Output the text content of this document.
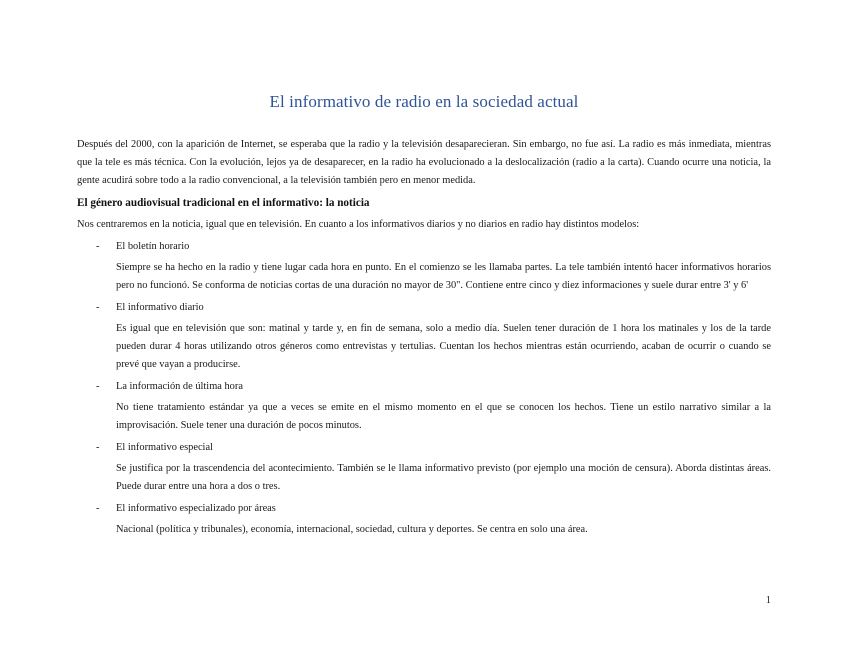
El informativo de radio en la sociedad actual

Después del 2000, con la aparición de Internet, se esperaba que la radio y la televisión desaparecieran. Sin embargo, no fue así. La radio es más inmediata, mientras que la tele es más técnica. Con la evolución, lejos ya de desaparecer, en la radio ha evolucionado a la deslocalización (radio a la carta). Cuando ocurre una noticia, la gente acudirá sobre todo a la radio convencional, a la televisión también pero en menor medida.

El género audiovisual tradicional en el informativo: la noticia

Nos centraremos en la noticia, igual que en televisión. En cuanto a los informativos diarios y no diarios en radio hay distintos modelos:

- El boletín horario

Siempre se ha hecho en la radio y tiene lugar cada hora en punto. En el comienzo se les llamaba partes. La tele también intentó hacer informativos horarios pero no funcionó. Se conforma de noticias cortas de una duración no mayor de 30". Contiene entre cinco y diez informaciones y suele durar entre 3' y 6'

- El informativo diario

Es igual que en televisión que son: matinal y tarde y, en fin de semana, solo a medio día. Suelen tener duración de 1 hora los matinales y los de la tarde pueden durar 4 horas utilizando otros géneros como entrevistas y tertulias. Cuentan los hechos mientras están ocurriendo, acaban de ocurrir o cuando se prevé que vayan a producirse.

- La información de última hora

No tiene tratamiento estándar ya que a veces se emite en el mismo momento en el que se conocen los hechos. Tiene un estilo narrativo similar a la improvisación. Suele tener una duración de pocos minutos.

- El informativo especial

Se justifica por la trascendencia del acontecimiento. También se le llama informativo previsto (por ejemplo una moción de censura). Aborda distintas áreas. Puede durar entre una hora a dos o tres.

- El informativo especializado por áreas

Nacional (política y tribunales), economía, internacional, sociedad, cultura y deportes. Se centra en solo una área.

1
